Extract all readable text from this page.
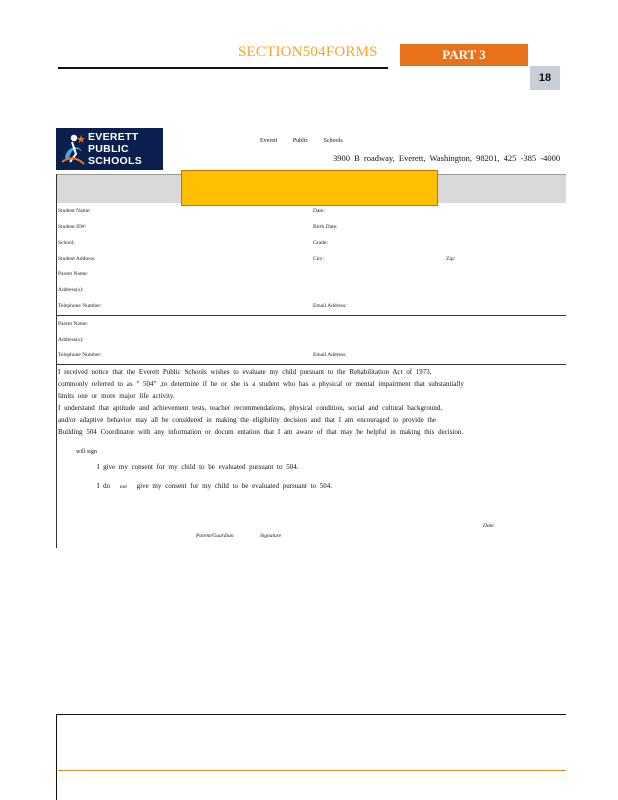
SECTION504FORMS	PART 3
18
EVERETT
PUBLIC
SCHOOLS
Everett	Public	Schools
3900 B roadway, Everett, Washington, 98201, 425 -385 -4000
Student Name:	Date:
Student ID#:	Birth Date:
School:	Grade:
Student Address:	City:	Zip:
Parent Name:
Address(s):
Telephone Number:	Email Address:
Parent Name:
Address(s):
Telephone Number:	Email Address:
I received notice that the Everett Public Schools wishes to evaluate my child pursuant to the Rehabilitation Act of 1973,
commonly referred to as " 504" ,to determine if he or she is a student who has a physical or mental impairment that substantially
limits one or more major life activity.
I understand that aptitude and achievement tests, teacher recommendations, physical condition, social and cultural background,
and/or adaptive behavior may all be considered in making the eligibility decision and that I am encouraged to provide the
Building 504 Coordinator with any information or docum entation that I am aware of that may be helpful in making this decision.
will sign
I give my consent for my child to be evaluated pursuant to 504.
I do not give my consent for my child to be evaluated pursuant to 504.
Date
Parent/Guardian	Signature
